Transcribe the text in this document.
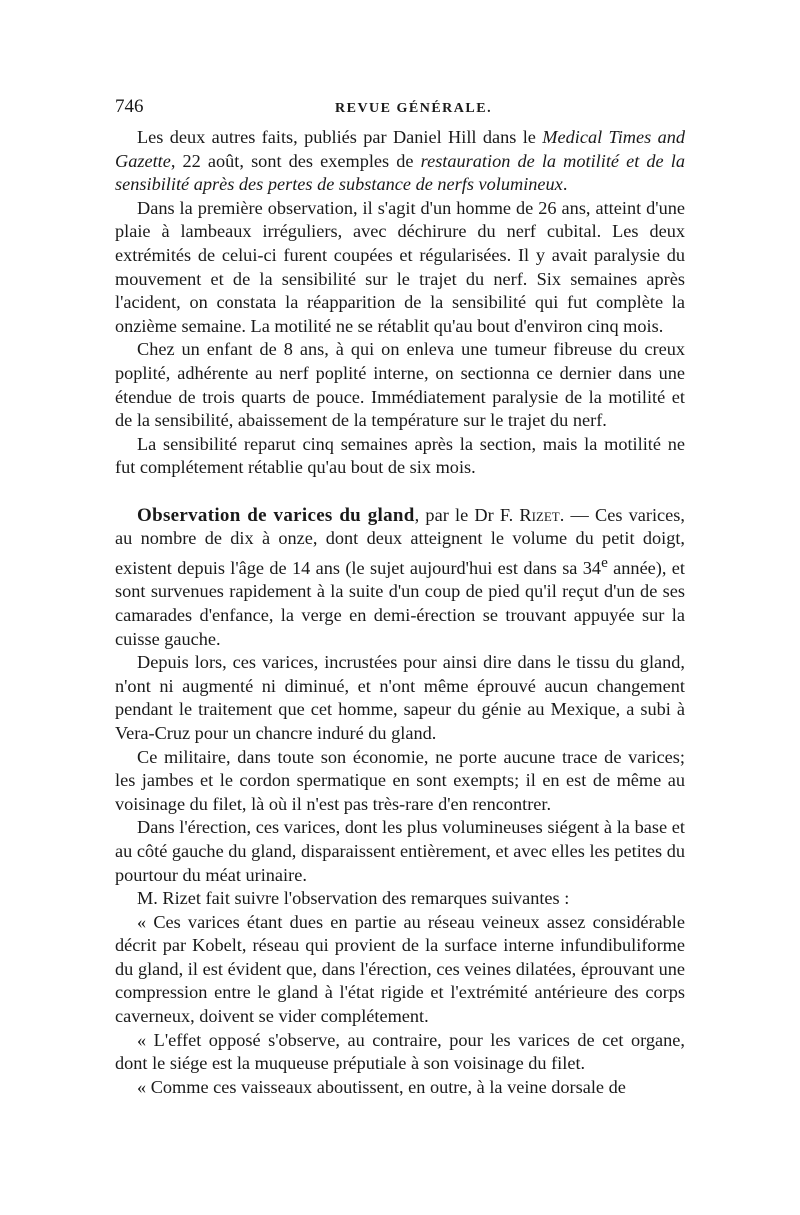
746	REVUE GÉNÉRALE.

Les deux autres faits, publiés par Daniel Hill dans le Medical Times and Gazette, 22 août, sont des exemples de restauration de la motilité et de la sensibilité après des pertes de substance de nerfs volumineux.

Dans la première observation, il s'agit d'un homme de 26 ans, atteint d'une plaie à lambeaux irréguliers, avec déchirure du nerf cubital. Les deux extrémités de celui-ci furent coupées et régularisées. Il y avait paralysie du mouvement et de la sensibilité sur le trajet du nerf. Six semaines après l'acident, on constata la réapparition de la sensibilité qui fut complète la onzième semaine. La motilité ne se rétablit qu'au bout d'environ cinq mois.

Chez un enfant de 8 ans, à qui on enleva une tumeur fibreuse du creux poplité, adhérente au nerf poplité interne, on sectionna ce dernier dans une étendue de trois quarts de pouce. Immédiatement paralysie de la motilité et de la sensibilité, abaissement de la température sur le trajet du nerf.

La sensibilité reparut cinq semaines après la section, mais la motilité ne fut complétement rétablie qu'au bout de six mois.

Observation de varices du gland, par le Dr F. Rizet. — Ces varices, au nombre de dix à onze, dont deux atteignent le volume du petit doigt, existent depuis l'âge de 14 ans (le sujet aujourd'hui est dans sa 34e année), et sont survenues rapidement à la suite d'un coup de pied qu'il reçut d'un de ses camarades d'enfance, la verge en demi-érection se trouvant appuyée sur la cuisse gauche.

Depuis lors, ces varices, incrustées pour ainsi dire dans le tissu du gland, n'ont ni augmenté ni diminué, et n'ont même éprouvé aucun changement pendant le traitement que cet homme, sapeur du génie au Mexique, a subi à Vera-Cruz pour un chancre induré du gland.

Ce militaire, dans toute son économie, ne porte aucune trace de varices; les jambes et le cordon spermatique en sont exempts; il en est de même au voisinage du filet, là où il n'est pas très-rare d'en rencontrer.

Dans l'érection, ces varices, dont les plus volumineuses siégent à la base et au côté gauche du gland, disparaissent entièrement, et avec elles les petites du pourtour du méat urinaire.

M. Rizet fait suivre l'observation des remarques suivantes :

« Ces varices étant dues en partie au réseau veineux assez considérable décrit par Kobelt, réseau qui provient de la surface interne infundibuliforme du gland, il est évident que, dans l'érection, ces veines dilatées, éprouvant une compression entre le gland à l'état rigide et l'extrémité antérieure des corps caverneux, doivent se vider complétement.

« L'effet opposé s'observe, au contraire, pour les varices de cet organe, dont le siége est la muqueuse préputiale à son voisinage du filet.

« Comme ces vaisseaux aboutissent, en outre, à la veine dorsale de
